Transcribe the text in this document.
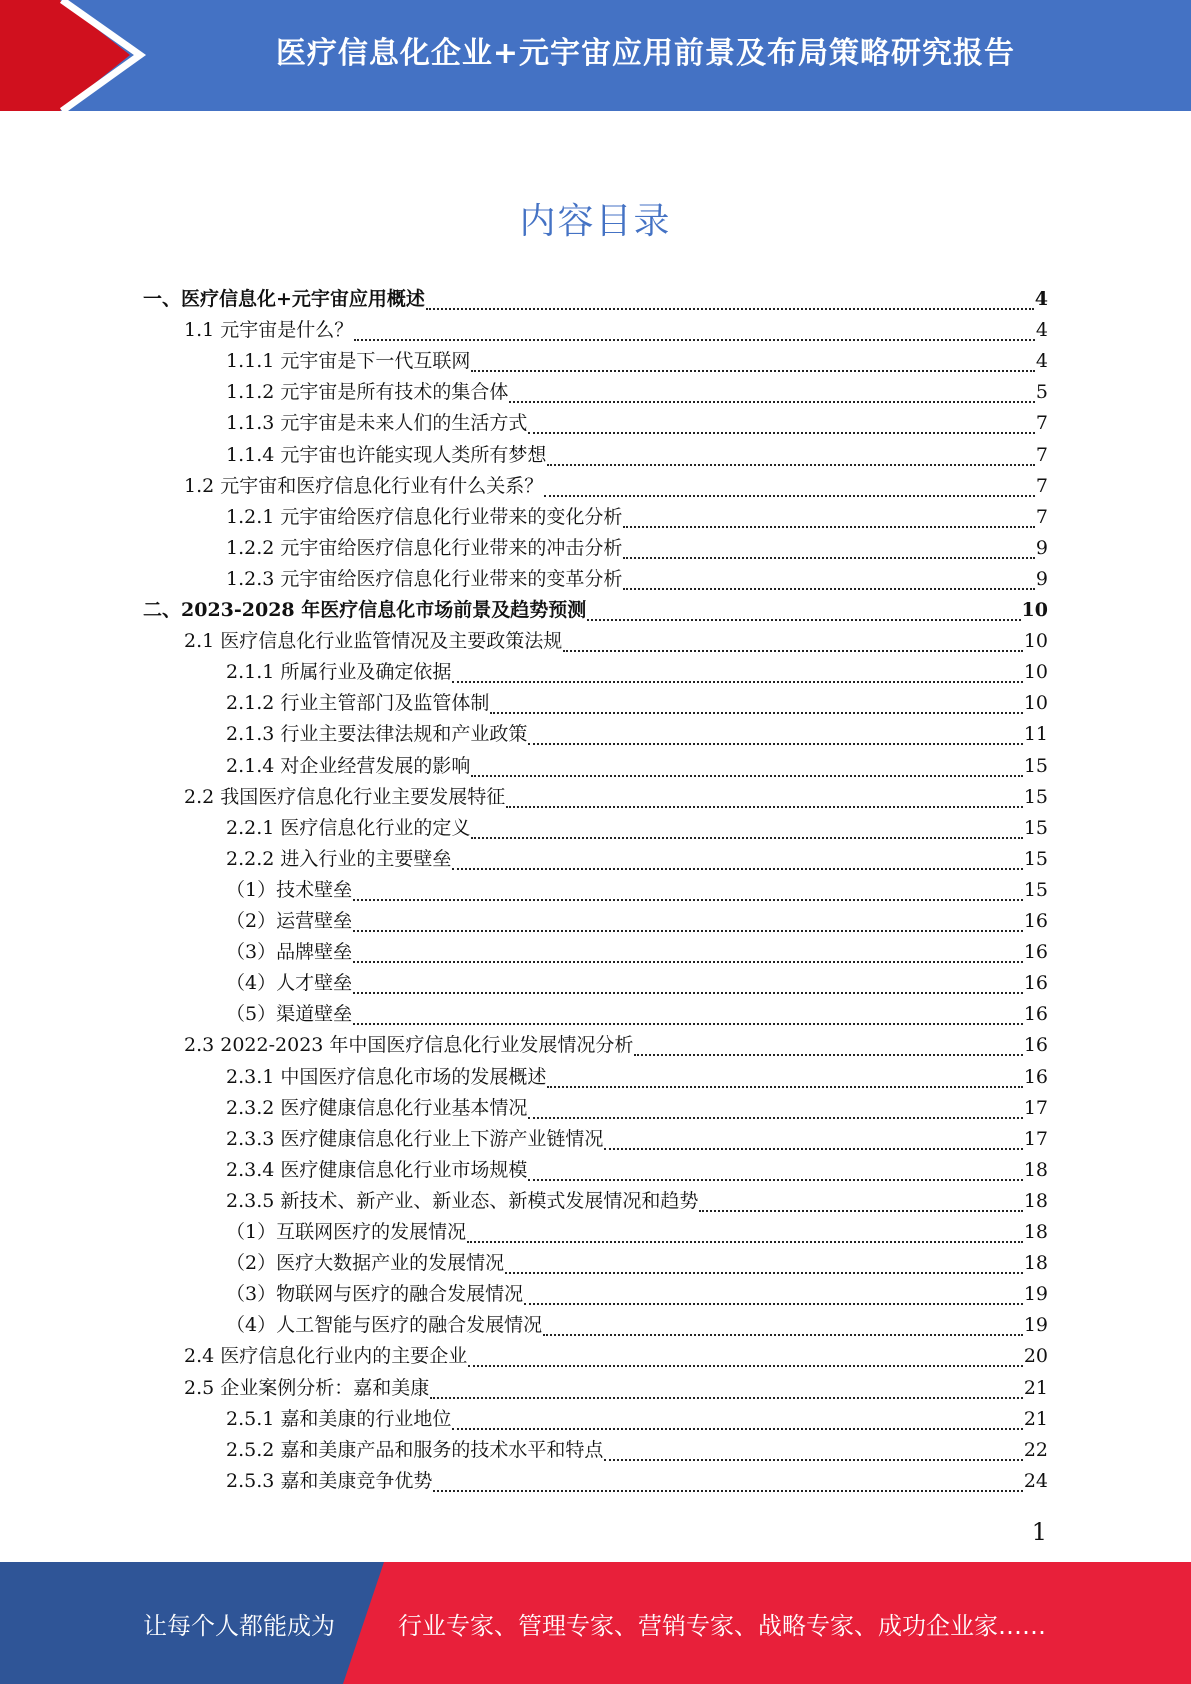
医疗信息化企业+元宇宙应用前景及布局策略研究报告
内容目录
一、医疗信息化+元宇宙应用概述	4
1.1 元宇宙是什么？	4
1.1.1 元宇宙是下一代互联网	4
1.1.2 元宇宙是所有技术的集合体	5
1.1.3 元宇宙是未来人们的生活方式	7
1.1.4 元宇宙也许能实现人类所有梦想	7
1.2 元宇宙和医疗信息化行业有什么关系？	7
1.2.1 元宇宙给医疗信息化行业带来的变化分析	7
1.2.2 元宇宙给医疗信息化行业带来的冲击分析	9
1.2.3 元宇宙给医疗信息化行业带来的变革分析	9
二、2023-2028 年医疗信息化市场前景及趋势预测	10
2.1 医疗信息化行业监管情况及主要政策法规	10
2.1.1 所属行业及确定依据	10
2.1.2 行业主管部门及监管体制	10
2.1.3 行业主要法律法规和产业政策	11
2.1.4 对企业经营发展的影响	15
2.2 我国医疗信息化行业主要发展特征	15
2.2.1 医疗信息化行业的定义	15
2.2.2 进入行业的主要壁垒	15
（1）技术壁垒	15
（2）运营壁垒	16
（3）品牌壁垒	16
（4）人才壁垒	16
（5）渠道壁垒	16
2.3 2022-2023 年中国医疗信息化行业发展情况分析	16
2.3.1 中国医疗信息化市场的发展概述	16
2.3.2 医疗健康信息化行业基本情况	17
2.3.3 医疗健康信息化行业上下游产业链情况	17
2.3.4 医疗健康信息化行业市场规模	18
2.3.5 新技术、新产业、新业态、新模式发展情况和趋势	18
（1）互联网医疗的发展情况	18
（2）医疗大数据产业的发展情况	18
（3）物联网与医疗的融合发展情况	19
（4）人工智能与医疗的融合发展情况	19
2.4 医疗信息化行业内的主要企业	20
2.5 企业案例分析：嘉和美康	21
2.5.1 嘉和美康的行业地位	21
2.5.2 嘉和美康产品和服务的技术水平和特点	22
2.5.3 嘉和美康竞争优势	24
1
让每个人都能成为	行业专家、管理专家、营销专家、战略专家、成功企业家……
